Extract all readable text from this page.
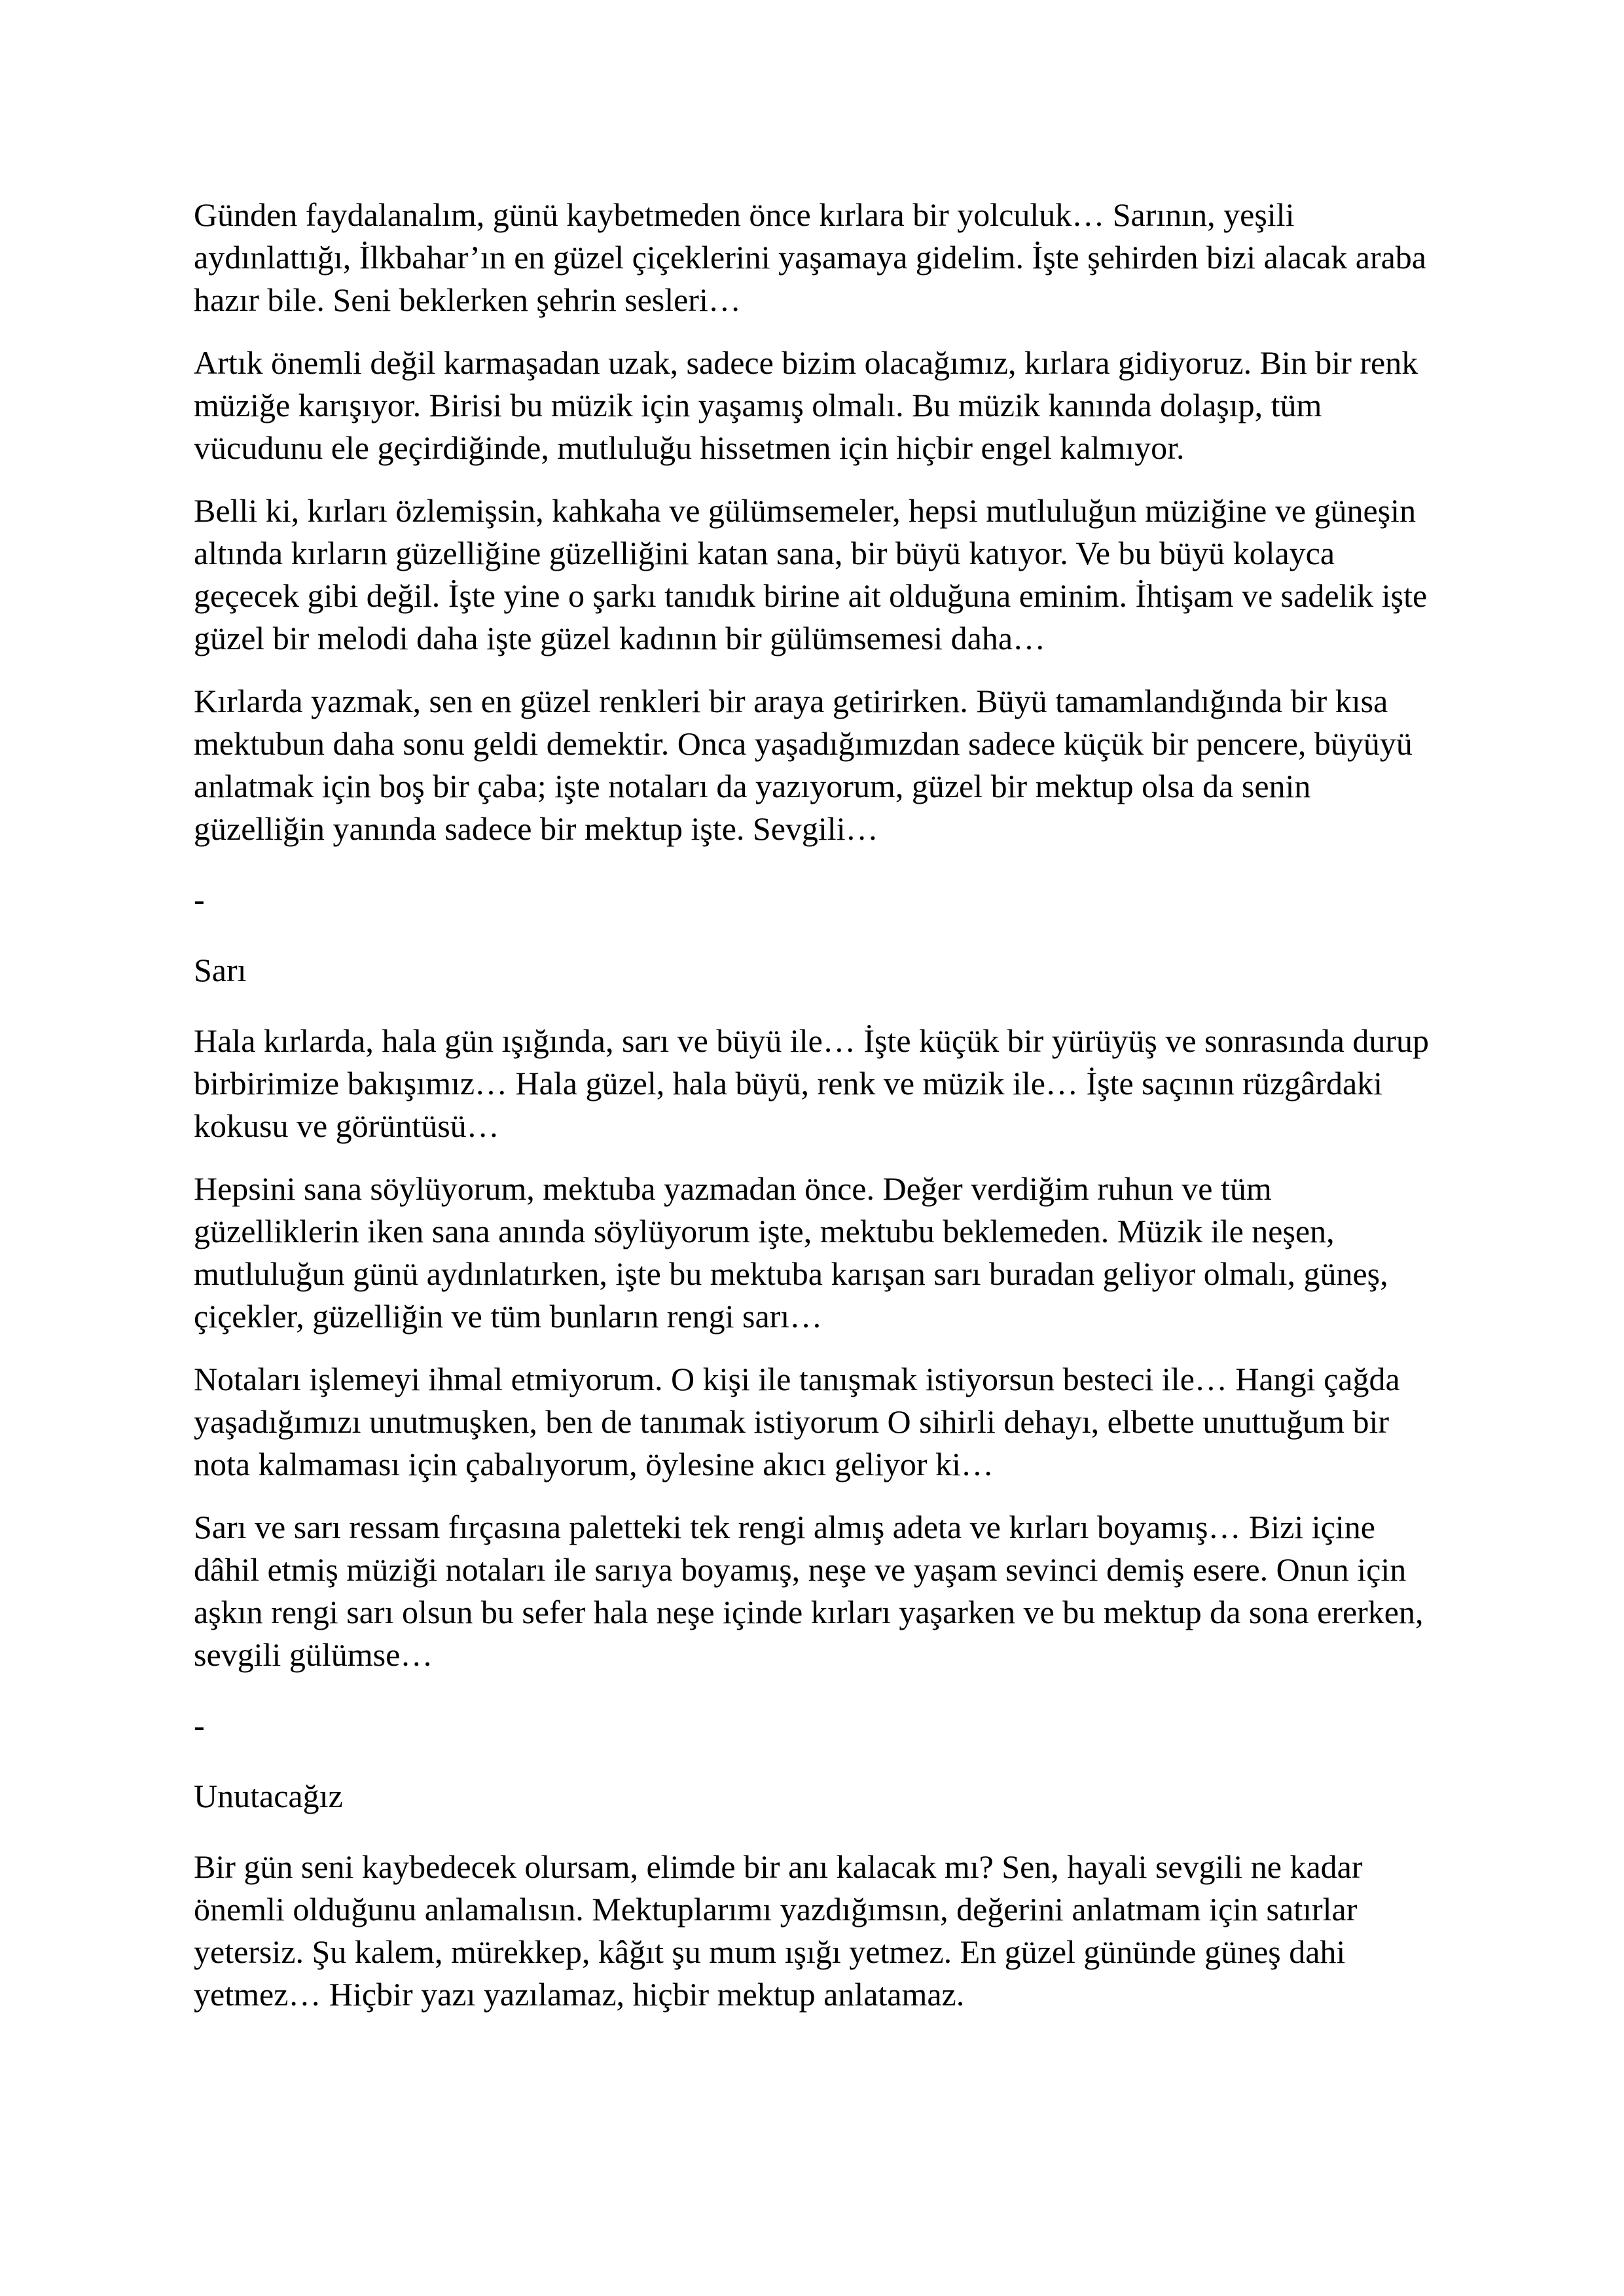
Günden faydalanalım, günü kaybetmeden önce kırlara bir yolculuk… Sarının, yeşili
aydınlattığı, İlkbahar’ın en güzel çiçeklerini yaşamaya gidelim. İşte şehirden bizi alacak araba
hazır bile. Seni beklerken şehrin sesleri…
Artık önemli değil karmaşadan uzak, sadece bizim olacağımız, kırlara gidiyoruz. Bin bir renk
müziğe karışıyor. Birisi bu müzik için yaşamış olmalı. Bu müzik kanında dolaşıp, tüm
vücudunu ele geçirdiğinde, mutluluğu hissetmen için hiçbir engel kalmıyor.
Belli ki, kırları özlemişsin, kahkaha ve gülümsemeler, hepsi mutluluğun müziğine ve güneşin
altında kırların güzelliğine güzelliğini katan sana, bir büyü katıyor. Ve bu büyü kolayca
geçecek gibi değil. İşte yine o şarkı tanıdık birine ait olduğuna eminim. İhtişam ve sadelik işte
güzel bir melodi daha işte güzel kadının bir gülümsemesi daha…
Kırlarda yazmak, sen en güzel renkleri bir araya getirirken. Büyü tamamlandığında bir kısa
mektubun daha sonu geldi demektir. Onca yaşadığımızdan sadece küçük bir pencere, büyüyü
anlatmak için boş bir çaba; işte notaları da yazıyorum, güzel bir mektup olsa da senin
güzelliğin yanında sadece bir mektup işte. Sevgili…
-
Sarı
Hala kırlarda, hala gün ışığında, sarı ve büyü ile… İşte küçük bir yürüyüş ve sonrasında durup
birbirimize bakışımız… Hala güzel, hala büyü, renk ve müzik ile… İşte saçının rüzgârdaki
kokusu ve görüntüsü…
Hepsini sana söylüyorum, mektuba yazmadan önce. Değer verdiğim ruhun ve tüm
güzelliklerin iken sana anında söylüyorum işte, mektubu beklemeden. Müzik ile neşen,
mutluluğun günü aydınlatırken, işte bu mektuba karışan sarı buradan geliyor olmalı, güneş,
çiçekler, güzelliğin ve tüm bunların rengi sarı…
Notaları işlemeyi ihmal etmiyorum. O kişi ile tanışmak istiyorsun besteci ile… Hangi çağda
yaşadığımızı unutmuşken, ben de tanımak istiyorum O sihirli dehayı, elbette unuttuğum bir
nota kalmaması için çabalıyorum, öylesine akıcı geliyor ki…
Sarı ve sarı ressam fırçasına paletteki tek rengi almış adeta ve kırları boyamış… Bizi içine
dâhil etmiş müziği notaları ile sarıya boyamış, neşe ve yaşam sevinci demiş esere. Onun için
aşkın rengi sarı olsun bu sefer hala neşe içinde kırları yaşarken ve bu mektup da sona ererken,
sevgili gülümse…
-
Unutacağız
Bir gün seni kaybedecek olursam, elimde bir anı kalacak mı? Sen, hayali sevgili ne kadar
önemli olduğunu anlamalısın. Mektuplarımı yazdığımsın, değerini anlatmam için satırlar
yetersiz. Şu kalem, mürekkep, kâğıt şu mum ışığı yetmez. En güzel gününde güneş dahi
yetmez… Hiçbir yazı yazılamaz, hiçbir mektup anlatamaz.
